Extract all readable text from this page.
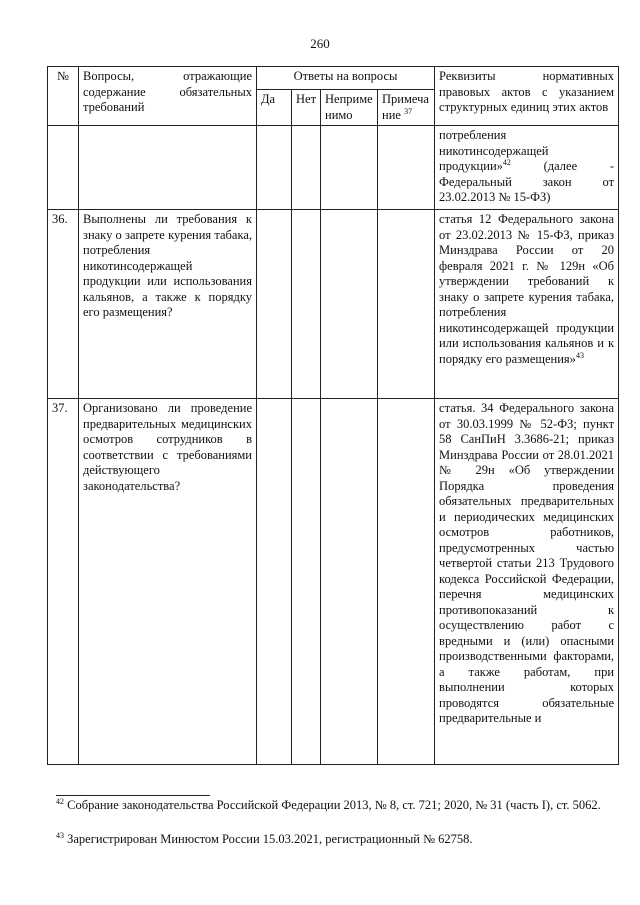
260
№	Вопросы, отражающие содержание обязательных требований	Ответы на вопросы				Реквизиты нормативных правовых актов с указанием структурных единиц этих актов
		Да	Нет	Неприме нимо	Примеча ние $^{37}$
						потребления никотинсодержащей продукции»$^{42}$ (далее - Федеральный закон от 23.02.2013 № 15-ФЗ)
36.	Выполнены ли требования к знаку о запрете курения табака, потребления никотинсодержащей продукции или использования кальянов, а также к порядку его размещения?					статья 12 Федерального закона от 23.02.2013 № 15-ФЗ, приказ Минздрава России от 20 февраля 2021 г. № 129н «Об утверждении требований к знаку о запрете курения табака, потребления никотинсодержащей продукции или использования кальянов и к порядку его размещения»$^{43}$
37.	Организовано ли проведение предварительных медицинских осмотров сотрудников в соответствии с требованиями действующего законодательства?					статья. 34 Федерального закона от 30.03.1999 № 52-ФЗ; пункт 58 СанПиН 3.3686-21; приказ Минздрава России от 28.01.2021 № 29н «Об утверждении Порядка проведения обязательных предварительных и периодических медицинских осмотров работников, предусмотренных частью четвертой статьи 213 Трудового кодекса Российской Федерации, перечня медицинских противопоказаний к осуществлению работ с вредными и (или) опасными производственными факторами, а также работам, при выполнении которых проводятся обязательные предварительные и
$^{42}$ Собрание законодательства Российской Федерации 2013, № 8, ст. 721; 2020, № 31 (часть I), ст. 5062.
$^{43}$ Зарегистрирован Минюстом России 15.03.2021, регистрационный № 62758.
